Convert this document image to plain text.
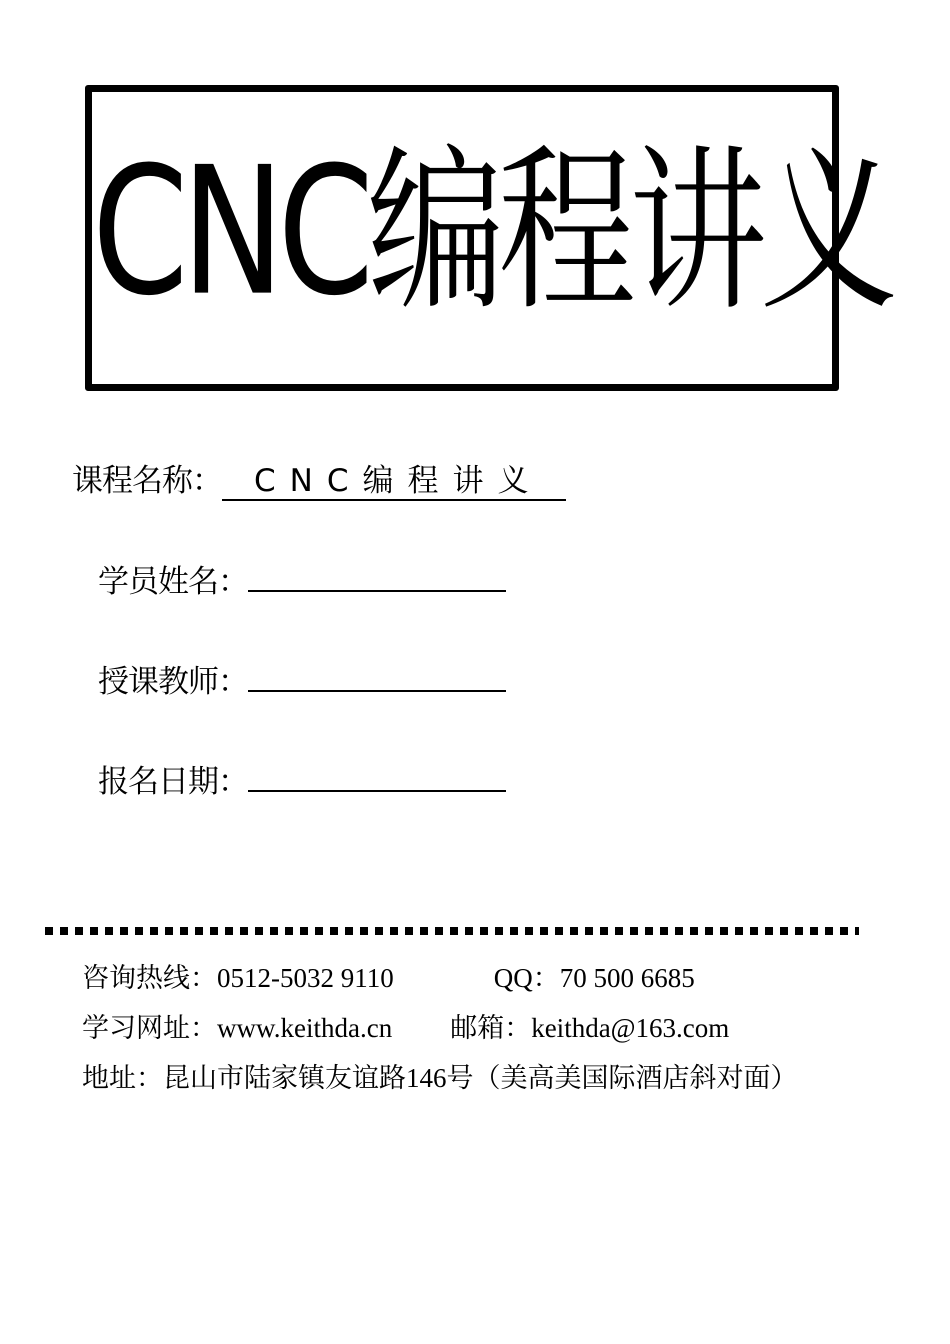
CNC编程讲义
课程名称： CNC编程讲义
学员姓名：
授课教师：
报名日期：
咨询热线：0512-5032 9110	QQ：70 500 6685
学习网址：www.keithda.cn 邮箱：keithda@163.com
地址：昆山市陆家镇友谊路146号（美高美国际酒店斜对面）
